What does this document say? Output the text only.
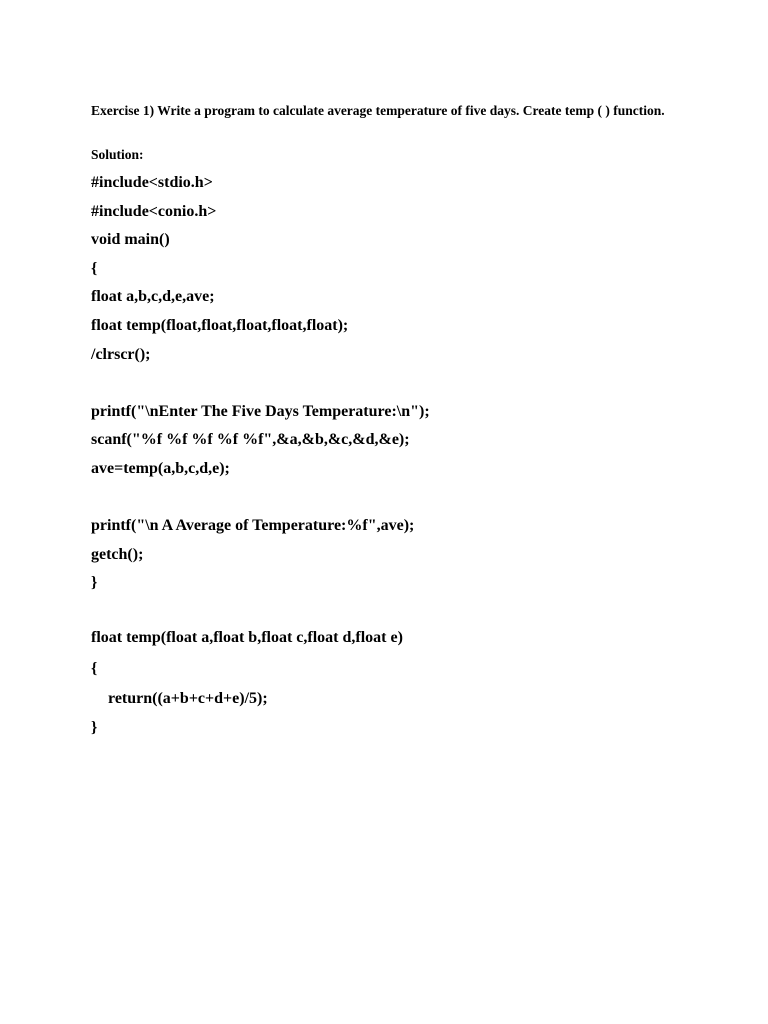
Exercise 1) Write a program to calculate average temperature of five days. Create temp ( ) function.

Solution:

#include<stdio.h>

#include<conio.h>

void main()

{

float a,b,c,d,e,ave;

float temp(float,float,float,float,float);

/clrscr();

printf("\nEnter The Five Days Temperature:\n");

scanf("%f %f %f %f %f",&a,&b,&c,&d,&e);

ave=temp(a,b,c,d,e);

printf("\n A Average of Temperature:%f",ave);

getch();

}

float temp(float a,float b,float c,float d,float e)

{

return((a+b+c+d+e)/5);

}
